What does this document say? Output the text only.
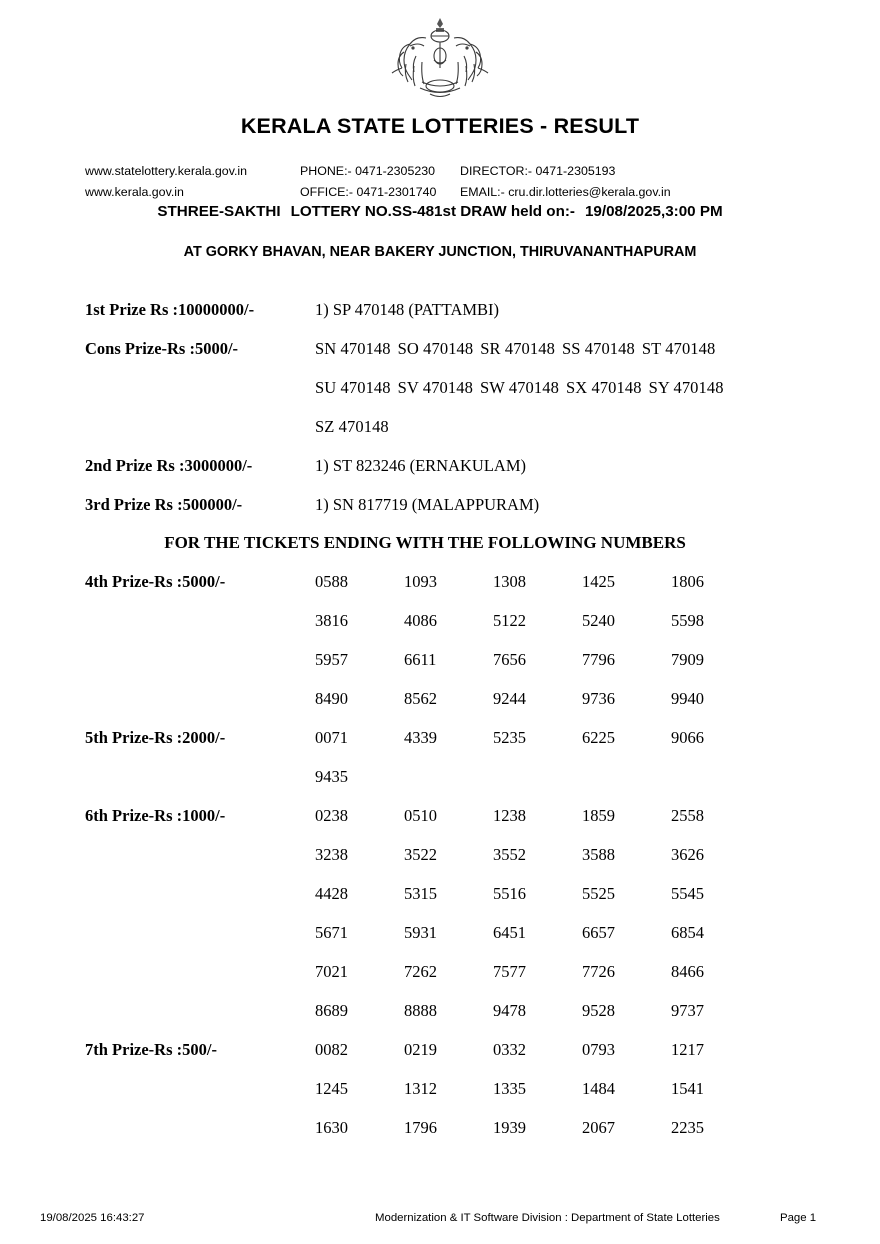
KERALA STATE LOTTERIES - RESULT
www.statelottery.kerala.gov.in	PHONE:- 0471-2305230	DIRECTOR:- 0471-2305193
www.kerala.gov.in	OFFICE:- 0471-2301740	EMAIL:- cru.dir.lotteries@kerala.gov.in
STHREE-SAKTHI LOTTERY NO.SS-481st DRAW held on:- 19/08/2025,3:00 PM
AT GORKY BHAVAN, NEAR BAKERY JUNCTION, THIRUVANANTHAPURAM
1st Prize Rs :10000000/-	1) SP 470148 (PATTAMBI)
Cons Prize-Rs :5000/-	SN 470148 SO 470148 SR 470148 SS 470148 ST 470148
SU 470148 SV 470148 SW 470148 SX 470148 SY 470148
SZ 470148
2nd Prize Rs :3000000/-	1) ST 823246 (ERNAKULAM)
3rd Prize Rs :500000/-	1) SN 817719 (MALAPPURAM)
FOR THE TICKETS ENDING WITH THE FOLLOWING NUMBERS
4th Prize-Rs :5000/-	0588	1093	1308	1425	1806
3816	4086	5122	5240	5598
5957	6611	7656	7796	7909
8490	8562	9244	9736	9940
5th Prize-Rs :2000/-	0071	4339	5235	6225	9066
9435
6th Prize-Rs :1000/-	0238	0510	1238	1859	2558
3238	3522	3552	3588	3626
4428	5315	5516	5525	5545
5671	5931	6451	6657	6854
7021	7262	7577	7726	8466
8689	8888	9478	9528	9737
7th Prize-Rs :500/-	0082	0219	0332	0793	1217
1245	1312	1335	1484	1541
1630	1796	1939	2067	2235
19/08/2025 16:43:27	Modernization & IT Software Division : Department of State Lotteries	Page 1
